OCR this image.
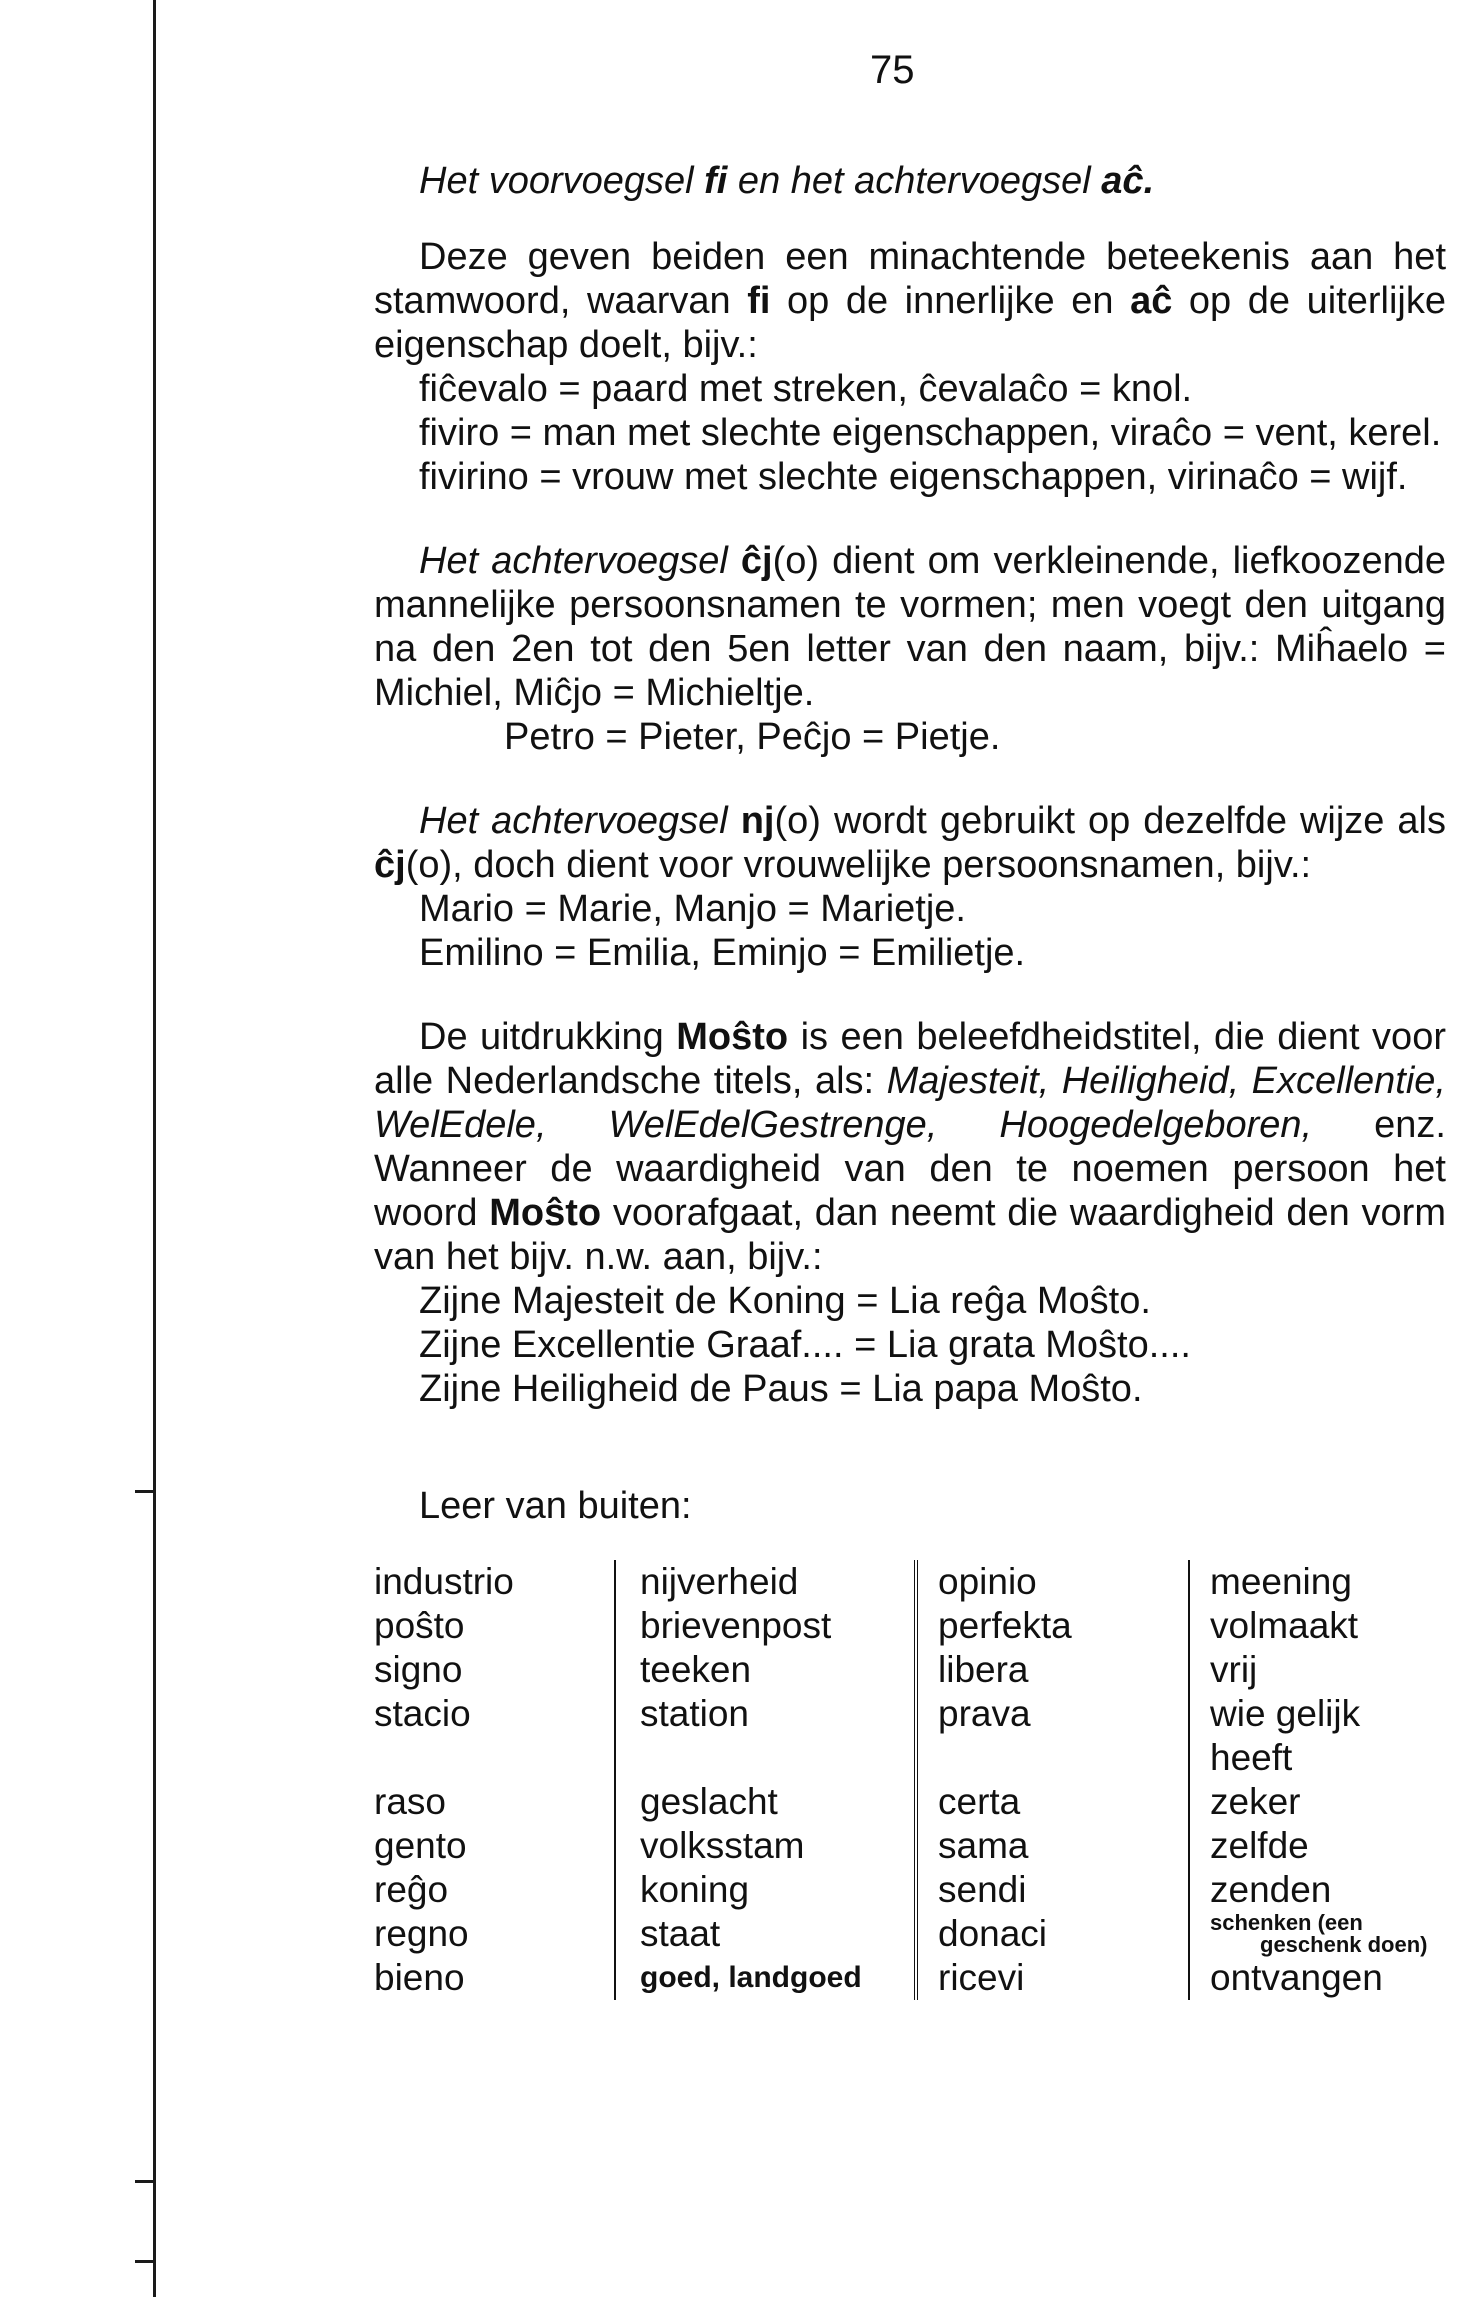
75

Het voorvoegsel fi en het achtervoegsel aĉ.

Deze geven beiden een minachtende beteekenis aan het stamwoord, waarvan fi op de innerlijke en aĉ op de uiterlijke eigenschap doelt, bijv.:

fiĉevalo = paard met streken, ĉevalaĉo = knol.

fiviro = man met slechte eigenschappen, viraĉo = vent, kerel.

fivirino = vrouw met slechte eigenschappen, virinaĉo = wijf.

Het achtervoegsel ĉj(o) dient om verkleinende, liefkoozende mannelijke persoonsnamen te vormen; men voegt den uitgang na den 2en tot den 5en letter van den naam, bijv.: Miĥaelo = Michiel, Miĉjo = Michieltje.

Petro = Pieter, Peĉjo = Pietje.

Het achtervoegsel nj(o) wordt gebruikt op dezelfde wijze als ĉj(o), doch dient voor vrouwelijke persoonsnamen, bijv.:

Mario = Marie, Manjo = Marietje.

Emilino = Emilia, Eminjo = Emilietje.

De uitdrukking Moŝto is een beleefdheidstitel, die dient voor alle Nederlandsche titels, als: Majesteit, Heiligheid, Excellentie, WelEdele, WelEdelGestrenge, Hoogedelgeboren, enz. Wanneer de waardigheid van den te noemen persoon het woord Moŝto voorafgaat, dan neemt die waardigheid den vorm van het bijv. n.w. aan, bijv.:

Zijne Majesteit de Koning = Lia reĝa Moŝto.

Zijne Excellentie Graaf.... = Lia grata Moŝto....

Zijne Heiligheid de Paus = Lia papa Moŝto.

Leer van buiten:

industrio	nijverheid	opinio	meening
poŝto	brievenpost	perfekta	volmaakt
signo	teeken	libera	vrij
stacio	station	prava	wie gelijk heeft
raso	geslacht	certa	zeker
gento	volksstam	sama	zelfde
reĝo	koning	sendi	zenden
regno	staat	donaci	schenken (een
geschenk doen)

bieno	goed, landgoed	ricevi	ontvangen
